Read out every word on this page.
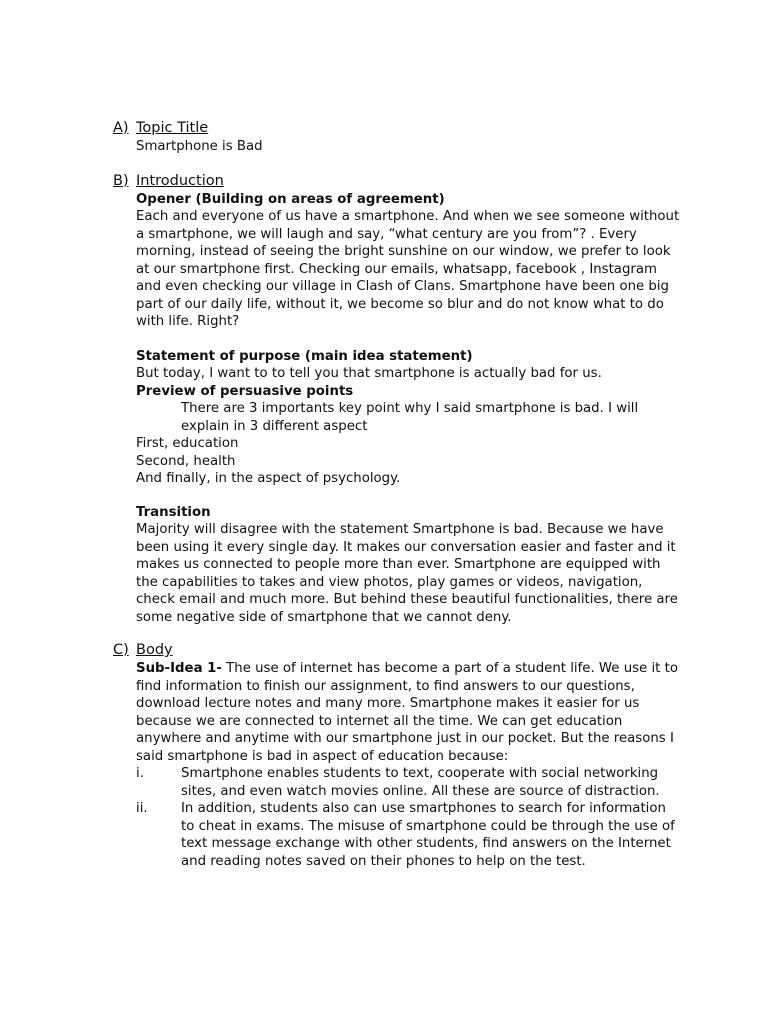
A) Topic Title

Smartphone is Bad

B) Introduction

Opener (Building on areas of agreement)

Each and everyone of us have a smartphone. And when we see someone without a smartphone, we will laugh and say, “what century are you from”? . Every morning, instead of seeing the bright sunshine on our window, we prefer to look at our smartphone first. Checking our emails, whatsapp, facebook , Instagram and even checking our village in Clash of Clans. Smartphone have been one big part of our daily life, without it, we become so blur and do not know what to do with life. Right?

Statement of purpose (main idea statement)

But today, I want to to tell you that smartphone is actually bad for us.

Preview of persuasive points

There are 3 importants key point why I said smartphone is bad. I will explain in 3 different aspect

First, education

Second, health

And finally, in the aspect of psychology.

Transition

Majority will disagree with the statement Smartphone is bad. Because we have been using it every single day. It makes our conversation easier and faster and it makes us connected to people more than ever. Smartphone are equipped with the capabilities to takes and view photos, play games or videos, navigation, check email and much more. But behind these beautiful functionalities, there are some negative side of smartphone that we cannot deny.

C) Body

Sub-Idea 1- The use of internet has become a part of a student life. We use it to find information to finish our assignment, to find answers to our questions, download lecture notes and many more. Smartphone makes it easier for us because we are connected to internet all the time. We can get education anywhere and anytime with our smartphone just in our pocket. But the reasons I said smartphone is bad in aspect of education because:

i.	Smartphone enables students to text, cooperate with social networking sites, and even watch movies online. All these are source of distraction.
ii.	In addition, students also can use smartphones to search for information to cheat in exams. The misuse of smartphone could be through the use of text message exchange with other students, find answers on the Internet and reading notes saved on their phones to help on the test.
